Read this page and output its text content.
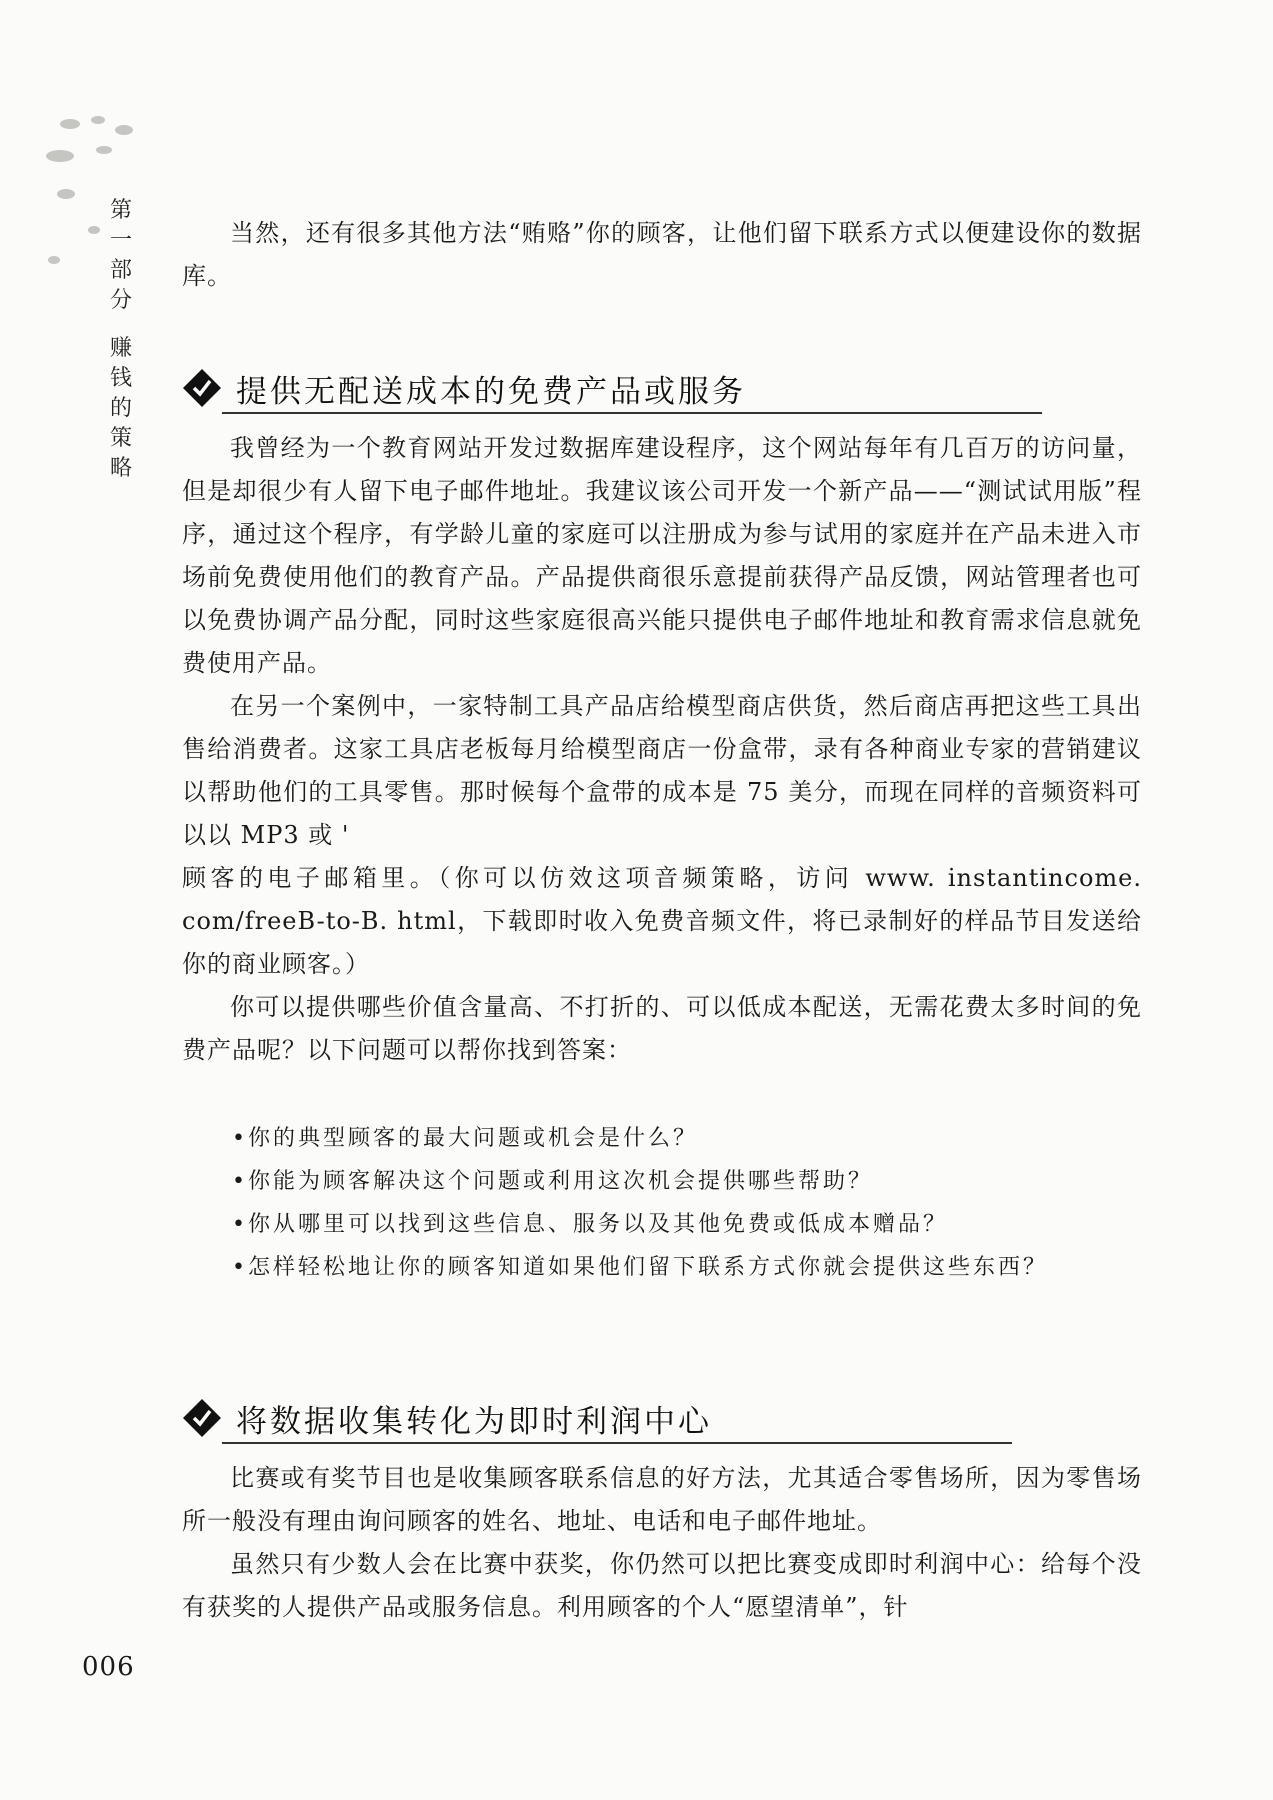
第
一
部
分
赚
钱
的
策
略

当然，还有很多其他方法“贿赂”你的顾客，让他们留下联系方式以便建设你的数据库。

提供无配送成本的免费产品或服务

我曾经为一个教育网站开发过数据库建设程序，这个网站每年有几百万的访问量，但是却很少有人留下电子邮件地址。我建议该公司开发一个新产品——“测试试用版”程序，通过这个程序，有学龄儿童的家庭可以注册成为参与试用的家庭并在产品未进入市场前免费使用他们的教育产品。产品提供商很乐意提前获得产品反馈，网站管理者也可以免费协调产品分配，同时这些家庭很高兴能只提供电子邮件地址和教育需求信息就免费使用产品。

在另一个案例中，一家特制工具产品店给模型商店供货，然后商店再把这些工具出售给消费者。这家工具店老板每月给模型商店一份盒带，录有各种商业专家的营销建议以帮助他们的工具零售。那时候每个盒带的成本是 75 美分，而现在同样的音频资料可以以 MP3 或 '

顾客的电子邮箱里。（你可以仿效这项音频策略，访问 www. instantincome. com/freeB-to-B. html，下载即时收入免费音频文件，将已录制好的样品节目发送给你的商业顾客。）

你可以提供哪些价值含量高、不打折的、可以低成本配送，无需花费太多时间的免费产品呢？以下问题可以帮你找到答案：

•你的典型顾客的最大问题或机会是什么？
•你能为顾客解决这个问题或利用这次机会提供哪些帮助？
•你从哪里可以找到这些信息、服务以及其他免费或低成本赠品？
•怎样轻松地让你的顾客知道如果他们留下联系方式你就会提供这些东西？
将数据收集转化为即时利润中心

比赛或有奖节目也是收集顾客联系信息的好方法，尤其适合零售场所，因为零售场所一般没有理由询问顾客的姓名、地址、电话和电子邮件地址。

虽然只有少数人会在比赛中获奖，你仍然可以把比赛变成即时利润中心：给每个没有获奖的人提供产品或服务信息。利用顾客的个人“愿望清单”，针

006
